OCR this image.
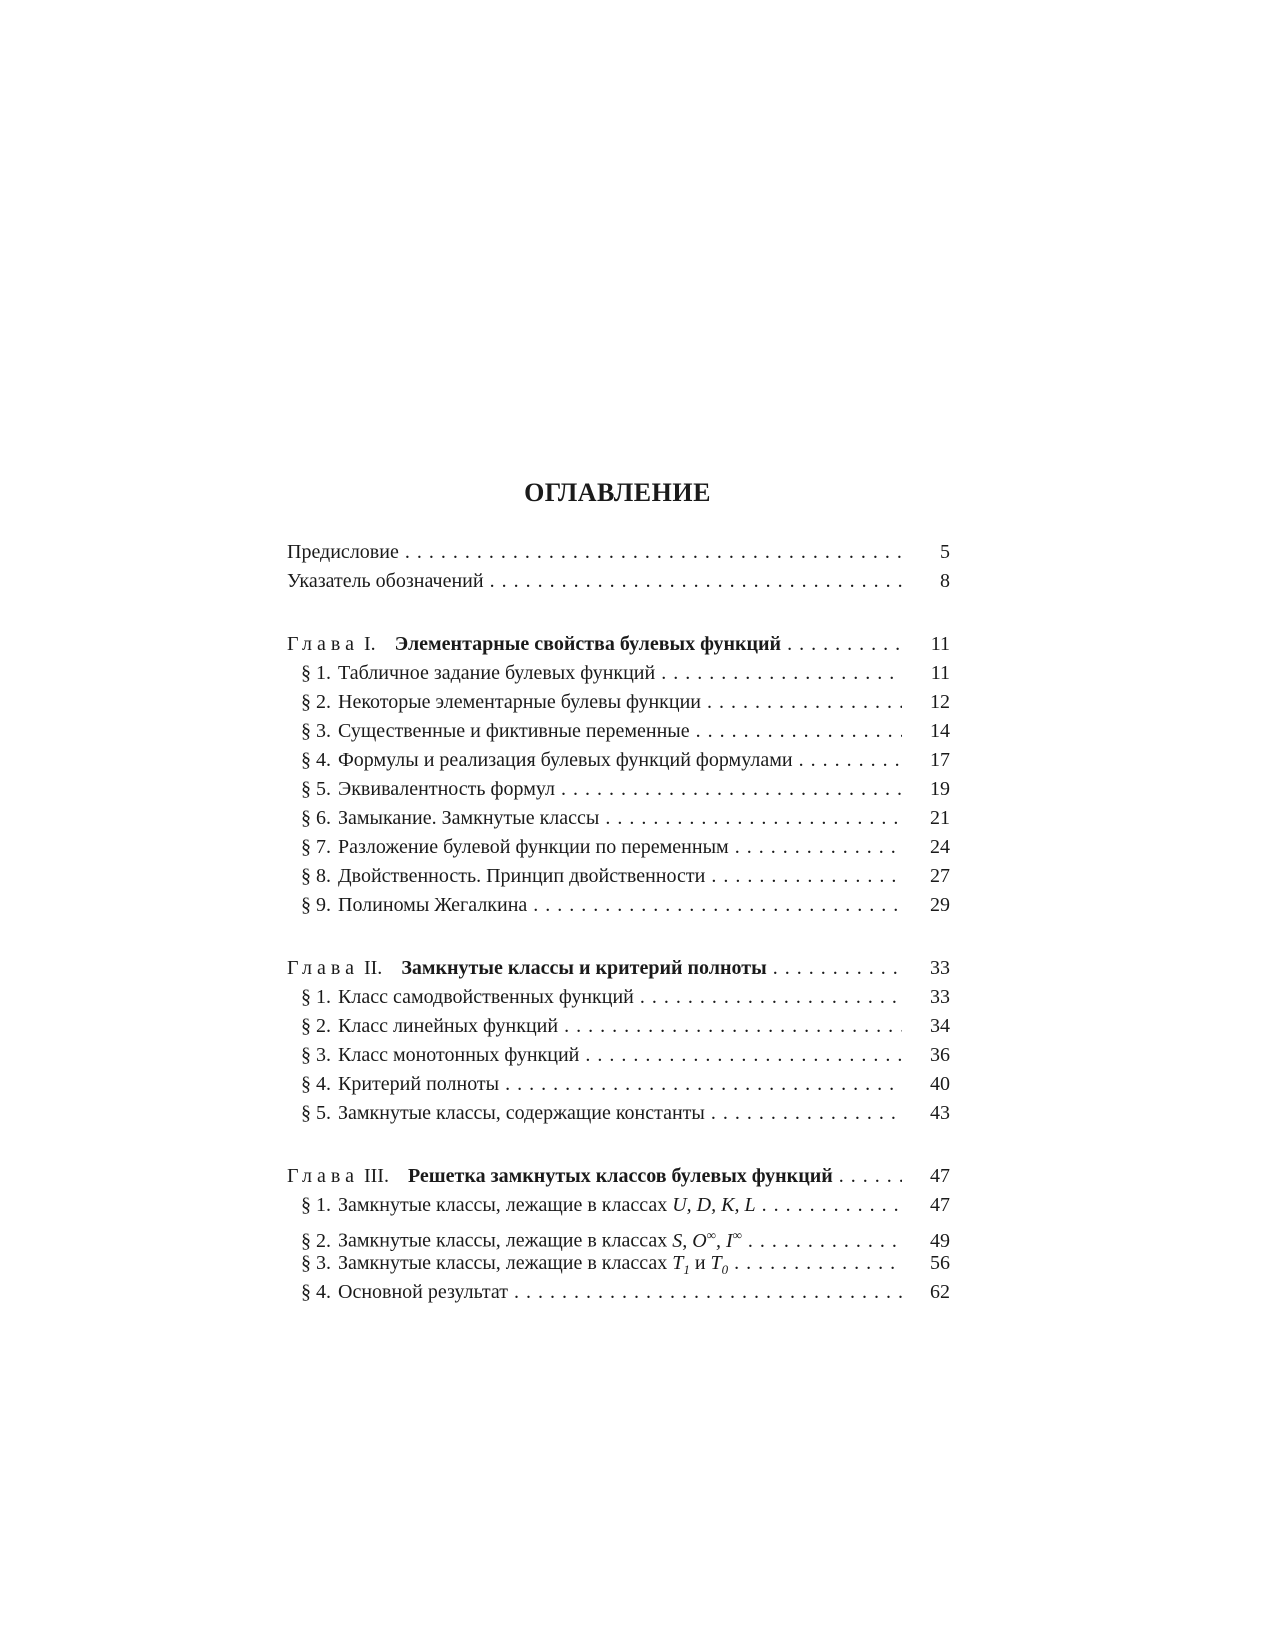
ОГЛАВЛЕНИЕ
Предисловие .....	5
Указатель обозначений .....	8
Глава I. Элементарные свойства булевых функций .....	11
§ 1. Табличное задание булевых функций .....	11
§ 2. Некоторые элементарные булевы функции .....	12
§ 3. Существенные и фиктивные переменные .....	14
§ 4. Формулы и реализация булевых функций формулами .....	17
§ 5. Эквивалентность формул .....	19
§ 6. Замыкание. Замкнутые классы .....	21
§ 7. Разложение булевой функции по переменным .....	24
§ 8. Двойственность. Принцип двойственности .....	27
§ 9. Полиномы Жегалкина .....	29
Глава II. Замкнутые классы и критерий полноты .....	33
§ 1. Класс самодвойственных функций .....	33
§ 2. Класс линейных функций .....	34
§ 3. Класс монотонных функций .....	36
§ 4. Критерий полноты .....	40
§ 5. Замкнутые классы, содержащие константы .....	43
Глава III. Решетка замкнутых классов булевых функций .....	47
§ 1. Замкнутые классы, лежащие в классах U, D, K, L .....	47
§ 2. Замкнутые классы, лежащие в классах S, O∞, I∞ .....	49
§ 3. Замкнутые классы, лежащие в классах $T_1$ и $T_0$ .....	56
§ 4. Основной результат .....	62
